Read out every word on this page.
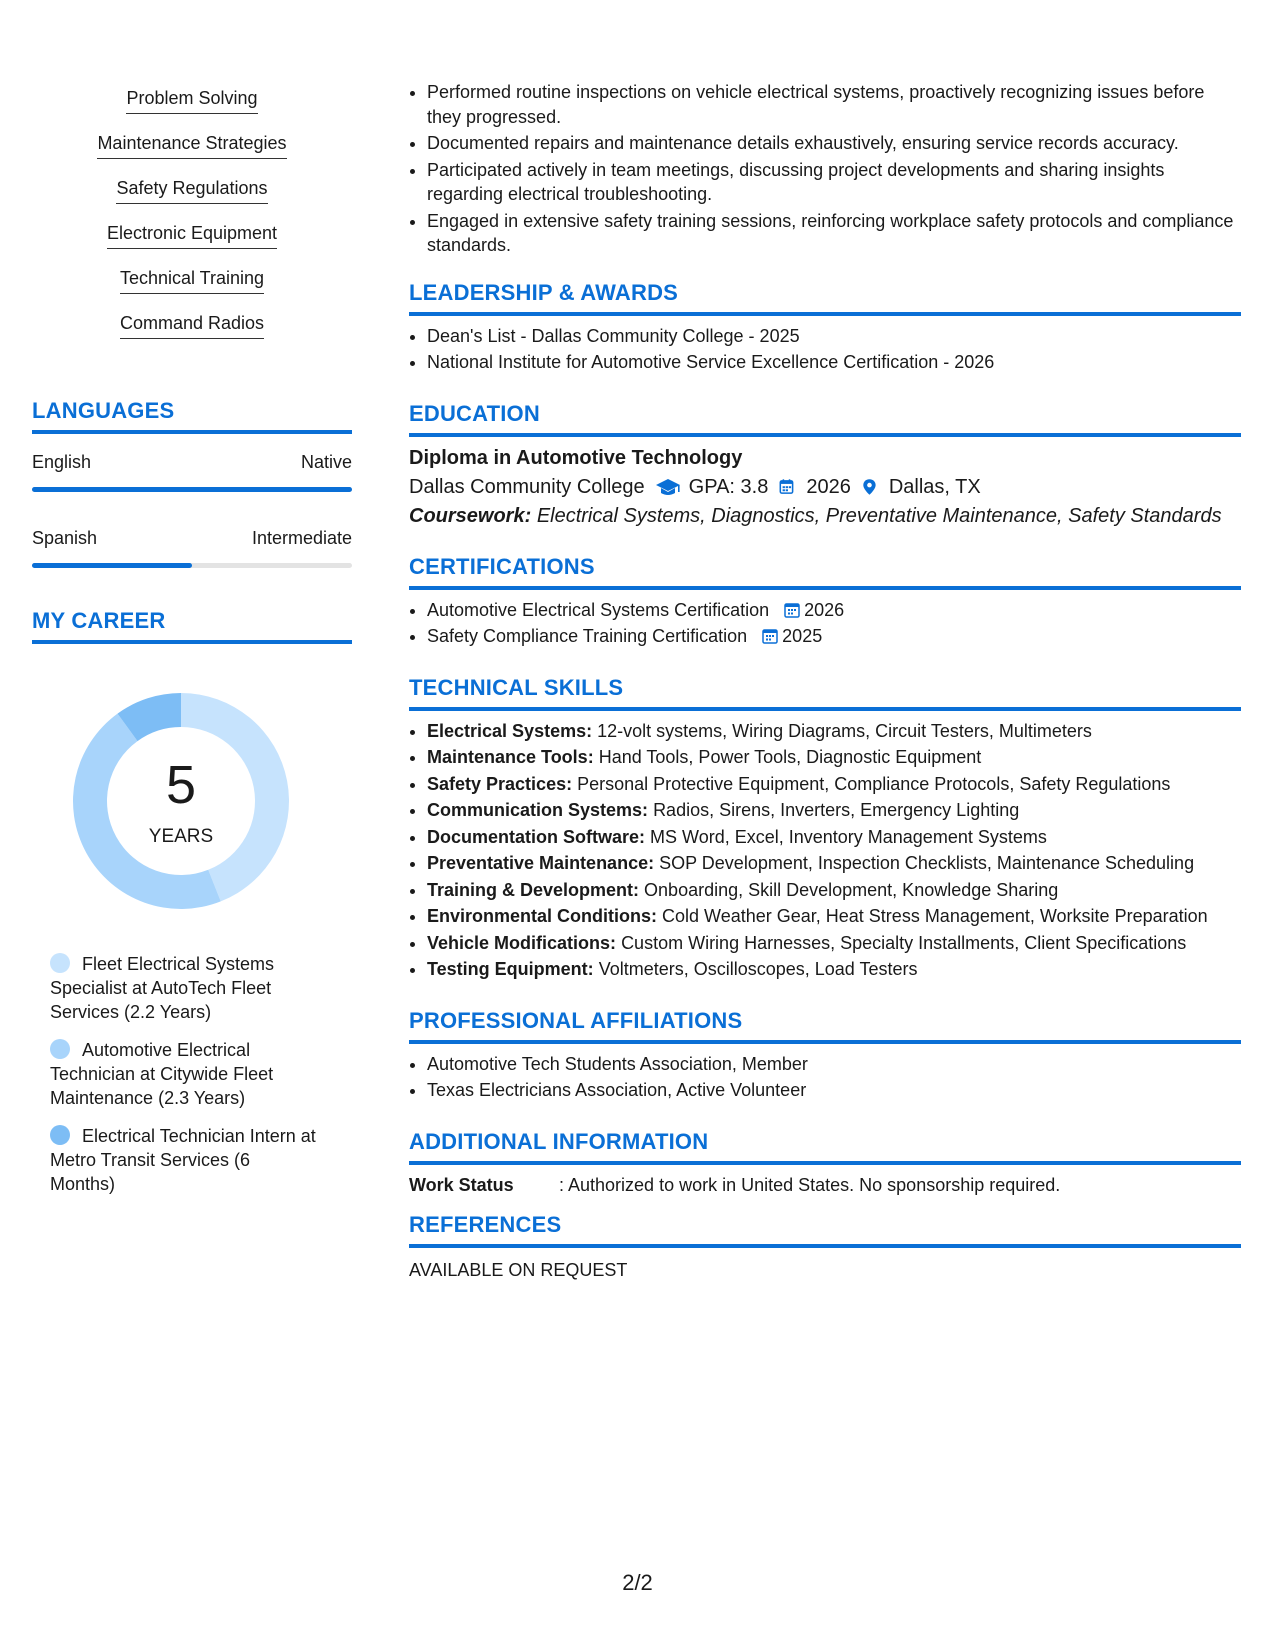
Problem Solving
Maintenance Strategies
Safety Regulations
Electronic Equipment
Technical Training
Command Radios
LANGUAGES
English	Native
Spanish	Intermediate
MY CAREER
5
YEARS
Fleet Electrical Systems Specialist at AutoTech Fleet Services (2.2 Years)
Automotive Electrical Technician at Citywide Fleet Maintenance (2.3 Years)
Electrical Technician Intern at Metro Transit Services (6 Months)
• Performed routine inspections on vehicle electrical systems, proactively recognizing issues before they progressed.
• Documented repairs and maintenance details exhaustively, ensuring service records accuracy.
• Participated actively in team meetings, discussing project developments and sharing insights regarding electrical troubleshooting.
• Engaged in extensive safety training sessions, reinforcing workplace safety protocols and compliance standards.
LEADERSHIP & AWARDS
• Dean's List - Dallas Community College - 2025
• National Institute for Automotive Service Excellence Certification - 2026
EDUCATION
Diploma in Automotive Technology
Dallas Community College GPA: 3.8 2026 Dallas, TX
Coursework: Electrical Systems, Diagnostics, Preventative Maintenance, Safety Standards
CERTIFICATIONS
• Automotive Electrical Systems Certification 2026
• Safety Compliance Training Certification 2025
TECHNICAL SKILLS
• Electrical Systems: 12-volt systems, Wiring Diagrams, Circuit Testers, Multimeters
• Maintenance Tools: Hand Tools, Power Tools, Diagnostic Equipment
• Safety Practices: Personal Protective Equipment, Compliance Protocols, Safety Regulations
• Communication Systems: Radios, Sirens, Inverters, Emergency Lighting
• Documentation Software: MS Word, Excel, Inventory Management Systems
• Preventative Maintenance: SOP Development, Inspection Checklists, Maintenance Scheduling
• Training & Development: Onboarding, Skill Development, Knowledge Sharing
• Environmental Conditions: Cold Weather Gear, Heat Stress Management, Worksite Preparation
• Vehicle Modifications: Custom Wiring Harnesses, Specialty Installments, Client Specifications
• Testing Equipment: Voltmeters, Oscilloscopes, Load Testers
PROFESSIONAL AFFILIATIONS
• Automotive Tech Students Association, Member
• Texas Electricians Association, Active Volunteer
ADDITIONAL INFORMATION
Work Status	: Authorized to work in United States. No sponsorship required.
REFERENCES
AVAILABLE ON REQUEST
2/2
